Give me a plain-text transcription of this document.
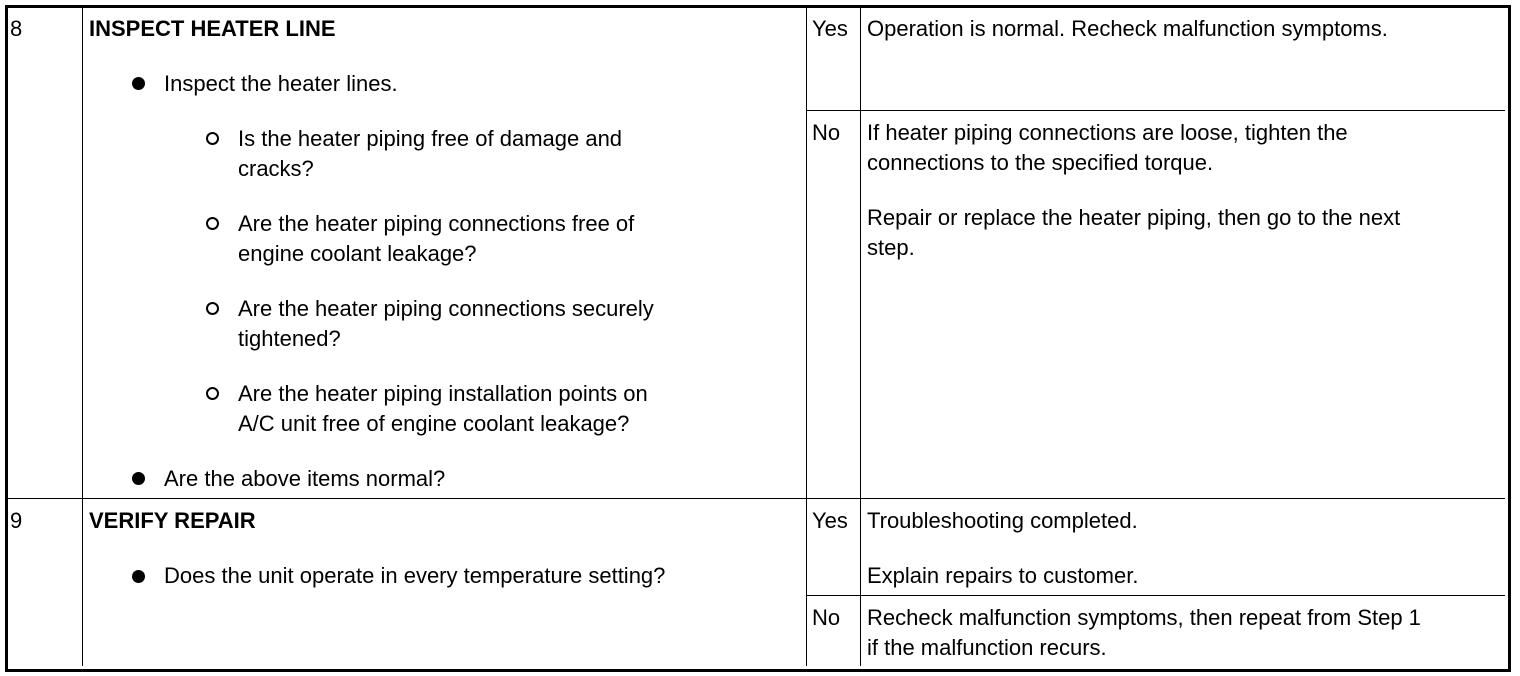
8	INSPECT HEATER LINE
Inspect the heater lines.
Is the heater piping free of damage and
cracks?
Are the heater piping connections free of
engine coolant leakage?
Are the heater piping connections securely
tightened?
Are the heater piping installation points on
A/C unit free of engine coolant leakage?
Are the above items normal?
Yes Operation is normal. Recheck malfunction symptoms.
No If heater piping connections are loose, tighten the
connections to the specified torque.
Repair or replace the heater piping, then go to the next
step.
9	VERIFY REPAIR
Does the unit operate in every temperature setting?
Yes Troubleshooting completed.
Explain repairs to customer.
No Recheck malfunction symptoms, then repeat from Step 1
if the malfunction recurs.
